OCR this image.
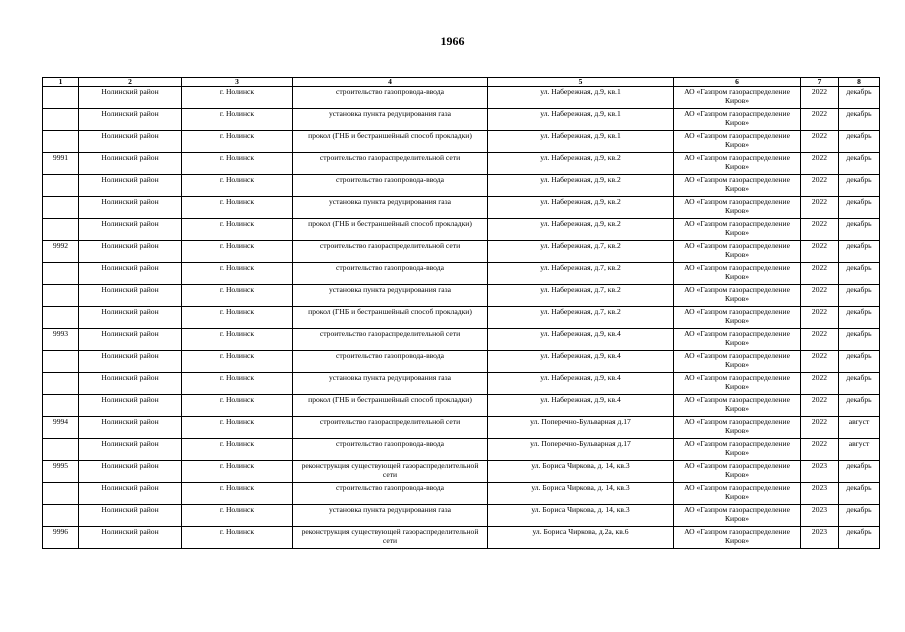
1966
1	2	3	4	5	6	7	8
	Нолинский район	г. Нолинск	строительство газопровода-ввода	ул. Набережная, д.9, кв.1	АО «Газпром газораспределение Киров»	2022	декабрь
	Нолинский район	г. Нолинск	установка пункта редуцирования газа	ул. Набережная, д.9, кв.1	АО «Газпром газораспределение Киров»	2022	декабрь
	Нолинский район	г. Нолинск	прокол (ГНБ и бестраншейный способ прокладки)	ул. Набережная, д.9, кв.1	АО «Газпром газораспределение Киров»	2022	декабрь
9991	Нолинский район	г. Нолинск	строительство газораспределительной сети	ул. Набережная, д.9, кв.2	АО «Газпром газораспределение Киров»	2022	декабрь
	Нолинский район	г. Нолинск	строительство газопровода-ввода	ул. Набережная, д.9, кв.2	АО «Газпром газораспределение Киров»	2022	декабрь
	Нолинский район	г. Нолинск	установка пункта редуцирования газа	ул. Набережная, д.9, кв.2	АО «Газпром газораспределение Киров»	2022	декабрь
	Нолинский район	г. Нолинск	прокол (ГНБ и бестраншейный способ прокладки)	ул. Набережная, д.9, кв.2	АО «Газпром газораспределение Киров»	2022	декабрь
9992	Нолинский район	г. Нолинск	строительство газораспределительной сети	ул. Набережная, д.7, кв.2	АО «Газпром газораспределение Киров»	2022	декабрь
	Нолинский район	г. Нолинск	строительство газопровода-ввода	ул. Набережная, д.7, кв.2	АО «Газпром газораспределение Киров»	2022	декабрь
	Нолинский район	г. Нолинск	установка пункта редуцирования газа	ул. Набережная, д.7, кв.2	АО «Газпром газораспределение Киров»	2022	декабрь
	Нолинский район	г. Нолинск	прокол (ГНБ и бестраншейный способ прокладки)	ул. Набережная, д.7, кв.2	АО «Газпром газораспределение Киров»	2022	декабрь
9993	Нолинский район	г. Нолинск	строительство газораспределительной сети	ул. Набережная, д.9, кв.4	АО «Газпром газораспределение Киров»	2022	декабрь
	Нолинский район	г. Нолинск	строительство газопровода-ввода	ул. Набережная, д.9, кв.4	АО «Газпром газораспределение Киров»	2022	декабрь
	Нолинский район	г. Нолинск	установка пункта редуцирования газа	ул. Набережная, д.9, кв.4	АО «Газпром газораспределение Киров»	2022	декабрь
	Нолинский район	г. Нолинск	прокол (ГНБ и бестраншейный способ прокладки)	ул. Набережная, д.9, кв.4	АО «Газпром газораспределение Киров»	2022	декабрь
9994	Нолинский район	г. Нолинск	строительство газораспределительной сети	ул. Поперечно-Бульварная д.17	АО «Газпром газораспределение Киров»	2022	август
	Нолинский район	г. Нолинск	строительство газопровода-ввода	ул. Поперечно-Бульварная д.17	АО «Газпром газораспределение Киров»	2022	август
9995	Нолинский район	г. Нолинск	реконструкция существующей газораспределительной сети	ул. Бориса Чиркова, д. 14, кв.3	АО «Газпром газораспределение Киров»	2023	декабрь
	Нолинский район	г. Нолинск	строительство газопровода-ввода	ул. Бориса Чиркова, д. 14, кв.3	АО «Газпром газораспределение Киров»	2023	декабрь
	Нолинский район	г. Нолинск	установка пункта редуцирования газа	ул. Бориса Чиркова, д. 14, кв.3	АО «Газпром газораспределение Киров»	2023	декабрь
9996	Нолинский район	г. Нолинск	реконструкция существующей газораспределительной сети	ул. Бориса Чиркова, д.2а, кв.6	АО «Газпром газораспределение Киров»	2023	декабрь
